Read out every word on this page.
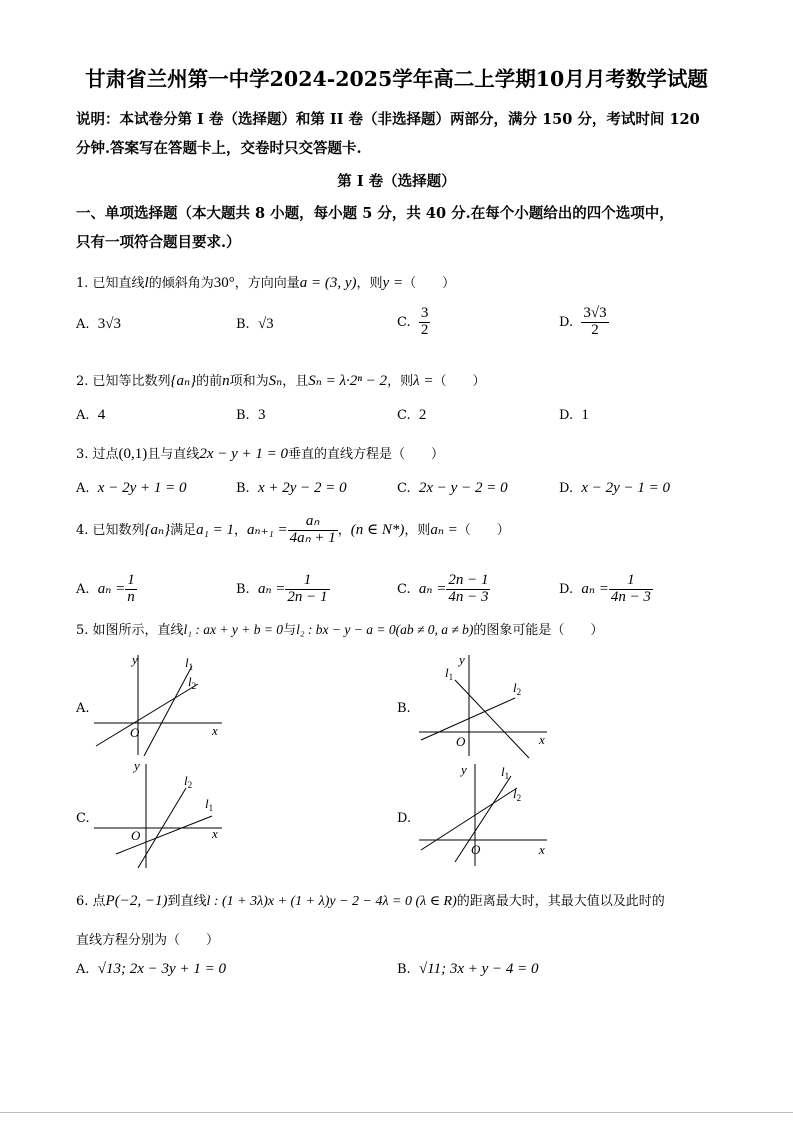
甘肃省兰州第一中学2024-2025学年高二上学期10月月考数学试题
说明：本试卷分第 I 卷（选择题）和第 II 卷（非选择题）两部分，满分 150 分，考试时间 120
分钟.答案写在答题卡上，交卷时只交答题卡.
第 I 卷（选择题）
一、单项选择题（本大题共 8 小题，每小题 5 分，共 40 分.在每个小题给出的四个选项中，
只有一项符合题目要求.）
1. 已知直线l的倾斜角为30°，方向向量a = (3, y)，则y =（　　）
A. 3√3	B. √3	C. $\frac{3}{2}$	D. $\frac{3√3}{2}$
2. 已知等比数列{aₙ}的前n项和为Sₙ，且Sₙ = λ·2ⁿ − 2，则λ =（　　）
A. 4	B. 3	C. 2	D. 1
3. 过点(0,1)且与直线2x − y + 1 = 0垂直的直线方程是（　　）
A. x − 2y + 1 = 0	B. x + 2y − 2 = 0	C. 2x − y − 2 = 0	D. x − 2y − 1 = 0
4. 已知数列{aₙ}满足a₁ = 1，$a_{n+1} = \frac{\text{aₙ}}{\text{4aₙ + 1}}$ ，(n ∈ N*)，则aₙ =（　　）
A. $a_n = \frac{1}{n}$	B. $a_n = \frac{1}{2n - 1}$	C. $a_n = \frac{2n - 1}{4n - 3}$	D. $a_n = \frac{1}{4n - 3}$
5. 如图所示，直线l₁ : ax + y + b = 0与l₂ : bx − y − a = 0(ab ≠ 0, a ≠ b)的图象可能是（　　）
A.	B.
C.	D.
x
y
O
$l_1$
$l_2$
x
y
O
$l_1$
$l_2$
x
y
O
$l_2$
$l_1$
x
y
O
$l_1$
$l_2$
6. 点P(−2, −1)到直线l : (1 + 3λ)x + (1 + λ)y − 2 − 4λ = 0 (λ ∈ R)的距离最大时，其最大值以及此时的
直线方程分别为（　　）
A. √13; 2x − 3y + 1 = 0	B. √11; 3x + y − 4 = 0
